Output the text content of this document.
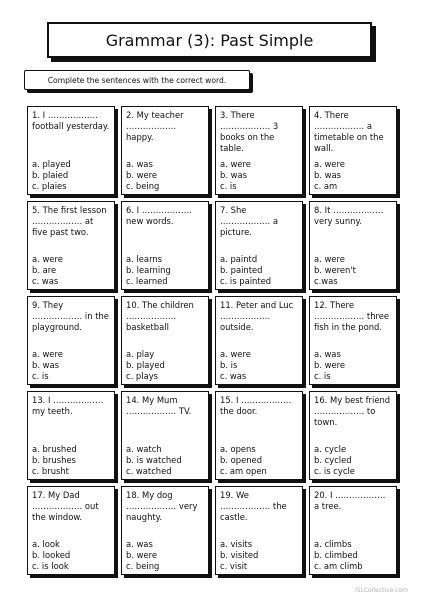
Grammar (3): Past Simple
Complete the sentences with the correct word.

1. I ……………… football yesterday.

a. played
b. plaied
c. plaies

2. My teacher ……………… happy.

a. was
b. were
c. being

3. There ……………… 3 books on the table.

a. were
b. was
c. is

4. There ……………… a timetable on the wall.

a. were
b. was
c. am

5. The first lesson ……………… at five past two.

a. were
b. are
c. was

6. I ……………… new words.

a. learns
b. learning
c. learned

7. She ……………… a picture.

a. paintd
b. painted
c. is painted

8. It ……………… very sunny.

a. were
b. weren't
c.was

9. They ……………… in the playground.

a. were
b. was
c. is

10. The children ……………… basketball

a. play
b. played
c. plays

11. Peter and Luc ……………… outside.

a. were
b. is
c. was

12. There ……………… three fish in the pond.

a. was
b. were
c. is

13. I ……………… my teeth.

a. brushed
b. brushes
c. brusht

14. My Mum ……………… TV.

a. watch
b. is watched
c. watched

15. I ……………… the door.

a. opens
b. opened
c. am open

16. My best friend ……………… to town.

a. cycle
b. cycled
c. is cycle

17. My Dad ……………… out the window.

a. look
b. looked
c. is look

18. My dog ……………… very naughty.

a. was
b. were
c. being

19. We ……………… the castle.

a. visits
b. visited
c. visit

20. I ……………… a tree.

a. climbs
b. climbed
c. am climb
iSLCollective.com
